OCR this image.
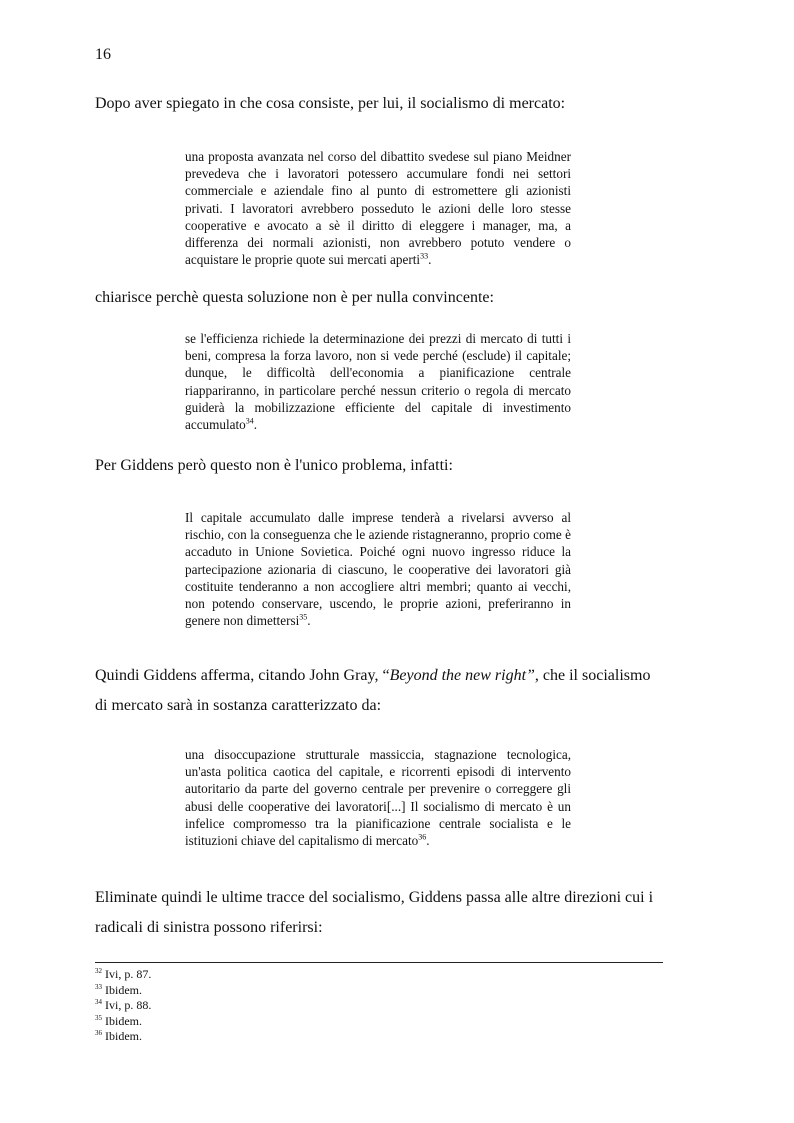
16

Dopo aver spiegato in che cosa consiste, per lui, il socialismo di mercato:

una proposta avanzata nel corso del dibattito svedese sul piano Meidner prevedeva che i lavoratori potessero accumulare fondi nei settori commerciale e aziendale fino al punto di estromettere gli azionisti privati. I lavoratori avrebbero posseduto le azioni delle loro stesse cooperative e avocato a sè il diritto di eleggere i manager, ma, a differenza dei normali azionisti, non avrebbero potuto vendere o acquistare le proprie quote sui mercati aperti$^{33}$.

chiarisce perchè questa soluzione non è per nulla convincente:

se l'efficienza richiede la determinazione dei prezzi di mercato di tutti i beni, compresa la forza lavoro, non si vede perché (esclude) il capitale; dunque, le difficoltà dell'economia a pianificazione centrale riappariranno, in particolare perché nessun criterio o regola di mercato guiderà la mobilizzazione efficiente del capitale di investimento accumulato$^{34}$.

Per Giddens però questo non è l'unico problema, infatti:

Il capitale accumulato dalle imprese tenderà a rivelarsi avverso al rischio, con la conseguenza che le aziende ristagneranno, proprio come è accaduto in Unione Sovietica. Poiché ogni nuovo ingresso riduce la partecipazione azionaria di ciascuno, le cooperative dei lavoratori già costituite tenderanno a non accogliere altri membri; quanto ai vecchi, non potendo conservare, uscendo, le proprie azioni, preferiranno in genere non dimettersi$^{35}$.

Quindi Giddens afferma, citando John Gray, “Beyond the new right”, che il socialismo di mercato sarà in sostanza caratterizzato da:

una disoccupazione strutturale massiccia, stagnazione tecnologica, un'asta politica caotica del capitale, e ricorrenti episodi di intervento autoritario da parte del governo centrale per prevenire o correggere gli abusi delle cooperative dei lavoratori[...] Il socialismo di mercato è un infelice compromesso tra la pianificazione centrale socialista e le istituzioni chiave del capitalismo di mercato$^{36}$.

Eliminate quindi le ultime tracce del socialismo, Giddens passa alle altre direzioni cui i radicali di sinistra possono riferirsi:

$^{32}$ Ivi, p. 87.
$^{33}$ Ibidem.
$^{34}$ Ivi, p. 88.
$^{35}$ Ibidem.
$^{36}$ Ibidem.
